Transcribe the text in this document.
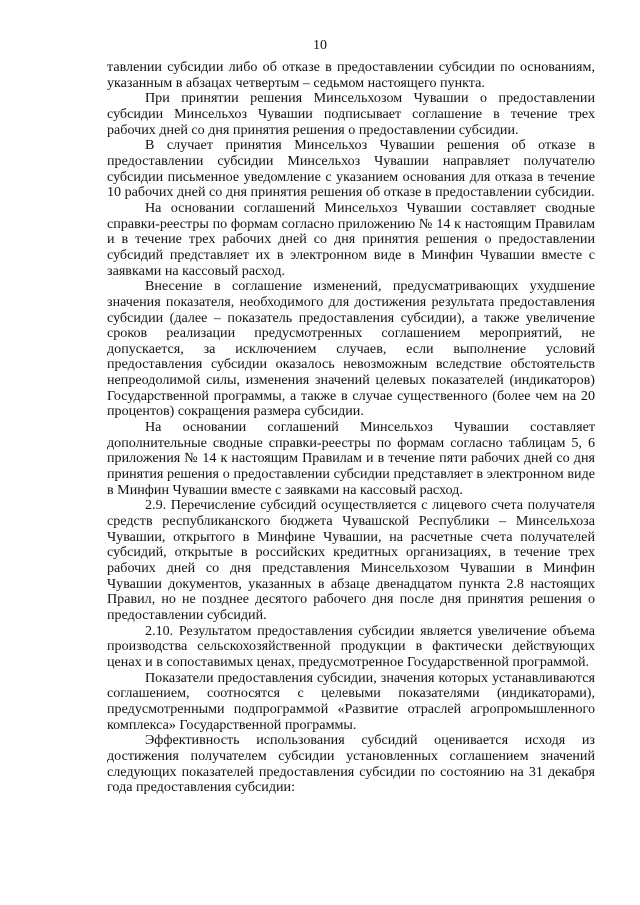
10

тавлении субсидии либо об отказе в предоставлении субсидии по основаниям, указанным в абзацах четвертым – седьмом настоящего пункта.

При принятии решения Минсельхозом Чувашии о предоставлении субсидии Минсельхоз Чувашии подписывает соглашение в течение трех рабочих дней со дня принятия решения о предоставлении субсидии.

В случает принятия Минсельхоз Чувашии решения об отказе в предоставлении субсидии Минсельхоз Чувашии направляет получателю субсидии письменное уведомление с указанием основания для отказа в течение 10 рабочих дней со дня принятия решения об отказе в предоставлении субсидии.

На основании соглашений Минсельхоз Чувашии составляет сводные справки-реестры по формам согласно приложению № 14 к настоящим Правилам и в течение трех рабочих дней со дня принятия решения о предоставлении субсидий представляет их в электронном виде в Минфин Чувашии вместе с заявками на кассовый расход.

Внесение в соглашение изменений, предусматривающих ухудшение значения показателя, необходимого для достижения результата предоставления субсидии (далее – показатель предоставления субсидии), а также увеличение сроков реализации предусмотренных соглашением мероприятий, не допускается, за исключением случаев, если выполнение условий предоставления субсидии оказалось невозможным вследствие обстоятельств непреодолимой силы, изменения значений целевых показателей (индикаторов) Государственной программы, а также в случае существенного (более чем на 20 процентов) сокращения размера субсидии.

На основании соглашений Минсельхоз Чувашии составляет дополнительные сводные справки-реестры по формам согласно таблицам 5, 6 приложения № 14 к настоящим Правилам и в течение пяти рабочих дней со дня принятия решения о предоставлении субсидии представляет в электронном виде в Минфин Чувашии вместе с заявками на кассовый расход.

2.9. Перечисление субсидий осуществляется с лицевого счета получателя средств республиканского бюджета Чувашской Республики – Минсельхоза Чувашии, открытого в Минфине Чувашии, на расчетные счета получателей субсидий, открытые в российских кредитных организациях, в течение трех рабочих дней со дня представления Минсельхозом Чувашии в Минфин Чувашии документов, указанных в абзаце двенадцатом пункта 2.8 настоящих Правил, но не позднее десятого рабочего дня после дня принятия решения о предоставлении субсидий.

2.10. Результатом предоставления субсидии является увеличение объема производства сельскохозяйственной продукции в фактически действующих ценах и в сопоставимых ценах, предусмотренное Государственной программой.

Показатели предоставления субсидии, значения которых устанавливаются соглашением, соотносятся с целевыми показателями (индикаторами), предусмотренными подпрограммой «Развитие отраслей агропромышленного комплекса» Государственной программы.

Эффективность использования субсидий оценивается исходя из достижения получателем субсидии установленных соглашением значений следующих показателей предоставления субсидии по состоянию на 31 декабря года предоставления субсидии:
